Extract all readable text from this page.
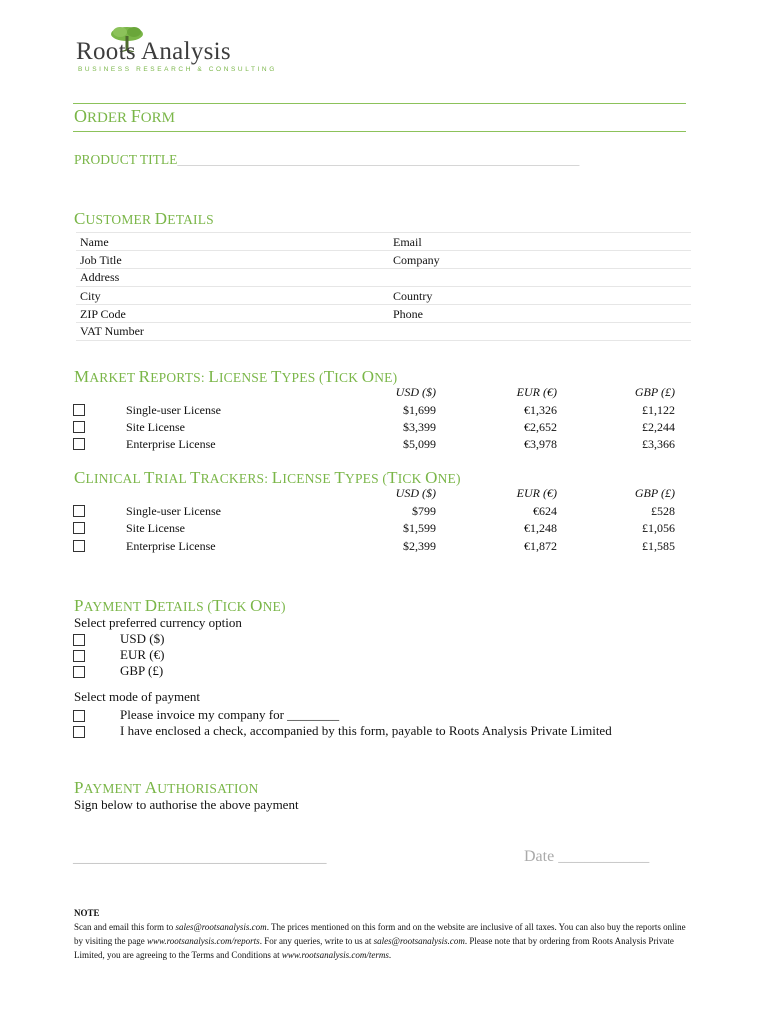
Roots Analysis
BUSINESS RESEARCH & CONSULTING
ORDER FORM
PRODUCT TITLE___________________________________________________________________
CUSTOMER DETAILS
Name	Email
Job Title	Company
Address
City	Country
ZIP Code	Phone
VAT Number
MARKET REPORTS: LICENSE TYPES (TICK ONE)
USD ($)	EUR (€)	GBP (£)
Single-user License	$1,699	€1,326	£1,122
Site License	$3,399	€2,652	£2,244
Enterprise License	$5,099	€3,978	£3,366
CLINICAL TRIAL TRACKERS: LICENSE TYPES (TICK ONE)
USD ($)	EUR (€)	GBP (£)
Single-user License	$799	€624	£528
Site License	$1,599	€1,248	£1,056
Enterprise License	$2,399	€1,872	£1,585
PAYMENT DETAILS (TICK ONE)
Select preferred currency option
USD ($)
EUR (€)
GBP (£)
Select mode of payment
Please invoice my company for ________
I have enclosed a check, accompanied by this form, payable to Roots Analysis Private Limited
PAYMENT AUTHORISATION
Sign below to authorise the above payment
_______________________________________	Date ______________
NOTE
Scan and email this form to sales@rootsanalysis.com. The prices mentioned on this form and on the website are inclusive of all taxes. You can also buy the reports online by visiting the page www.rootsanalysis.com/reports. For any queries, write to us at sales@rootsanalysis.com. Please note that by ordering from Roots Analysis Private Limited, you are agreeing to the Terms and Conditions at www.rootsanalysis.com/terms.
